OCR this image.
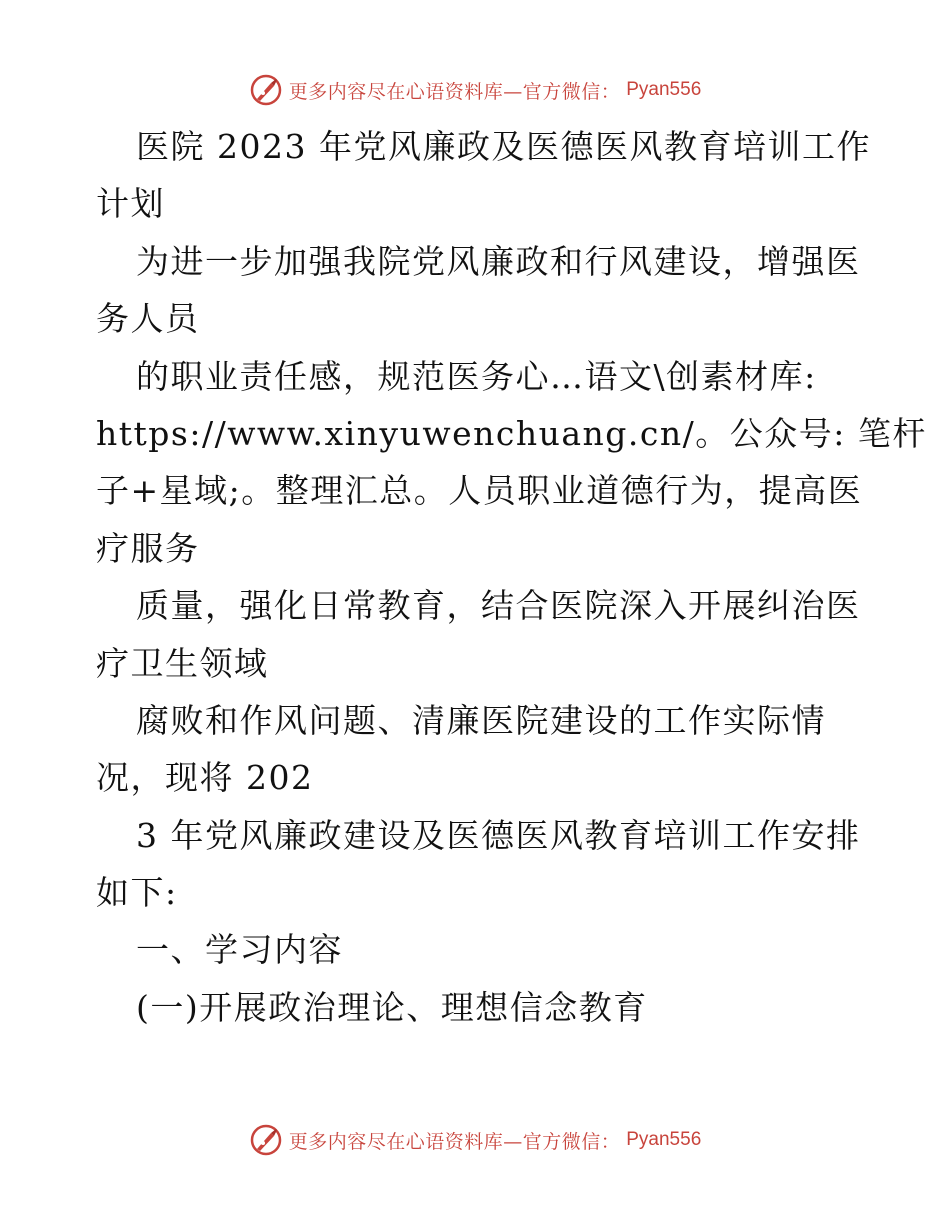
更多内容尽在心语资料库—官方微信： Pyan556
医院 2023 年党风廉政及医德医风教育培训工作
计划
为进一步加强我院党风廉政和行风建设，增强医
务人员
的职业责任感，规范医务心…语文\创素材库:
https://www.xinyuwenchuang.cn/。公众号: 笔杆
子+星域;。整理汇总。人员职业道德行为，提高医
疗服务
质量，强化日常教育，结合医院深入开展纠治医
疗卫生领域
腐败和作风问题、清廉医院建设的工作实际情
况，现将 202
3 年党风廉政建设及医德医风教育培训工作安排
如下:
一、学习内容
(一)开展政治理论、理想信念教育
更多内容尽在心语资料库—官方微信： Pyan556
